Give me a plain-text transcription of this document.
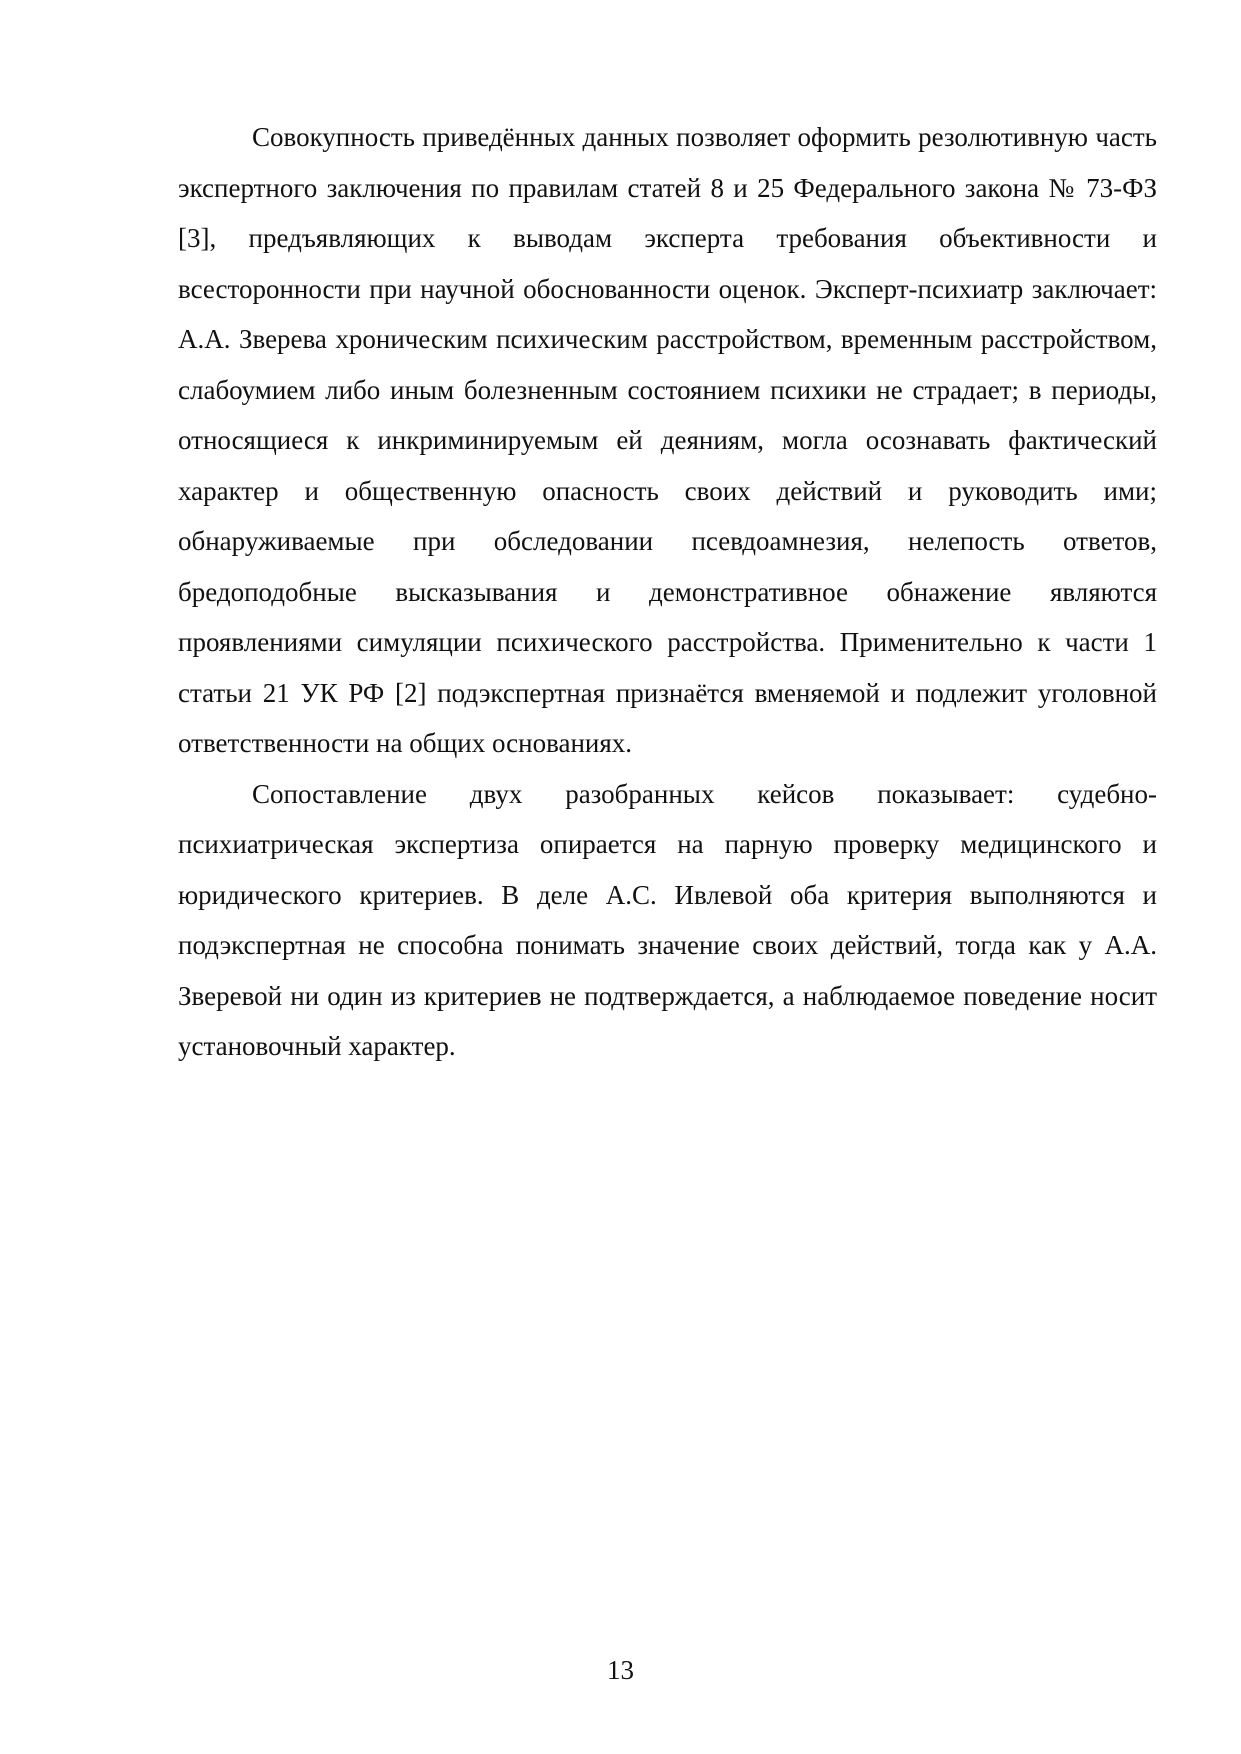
Совокупность приведённых данных позволяет оформить резолютивную часть экспертного заключения по правилам статей 8 и 25 Федерального закона № 73-ФЗ [3], предъявляющих к выводам эксперта требования объективности и всесторонности при научной обоснованности оценок. Эксперт-психиатр заключает: А.А. Зверева хроническим психическим расстройством, временным расстройством, слабоумием либо иным болезненным состоянием психики не страдает; в периоды, относящиеся к инкриминируемым ей деяниям, могла осознавать фактический характер и общественную опасность своих действий и руководить ими; обнаруживаемые при обследовании псевдоамнезия, нелепость ответов, бредоподобные высказывания и демонстративное обнажение являются проявлениями симуляции психического расстройства. Применительно к части 1 статьи 21 УК РФ [2] подэкспертная признаётся вменяемой и подлежит уголовной ответственности на общих основаниях.

Сопоставление двух разобранных кейсов показывает: судебно-психиатрическая экспертиза опирается на парную проверку медицинского и юридического критериев. В деле А.С. Ивлевой оба критерия выполняются и подэкспертная не способна понимать значение своих действий, тогда как у А.А. Зверевой ни один из критериев не подтверждается, а наблюдаемое поведение носит установочный характер.

13
